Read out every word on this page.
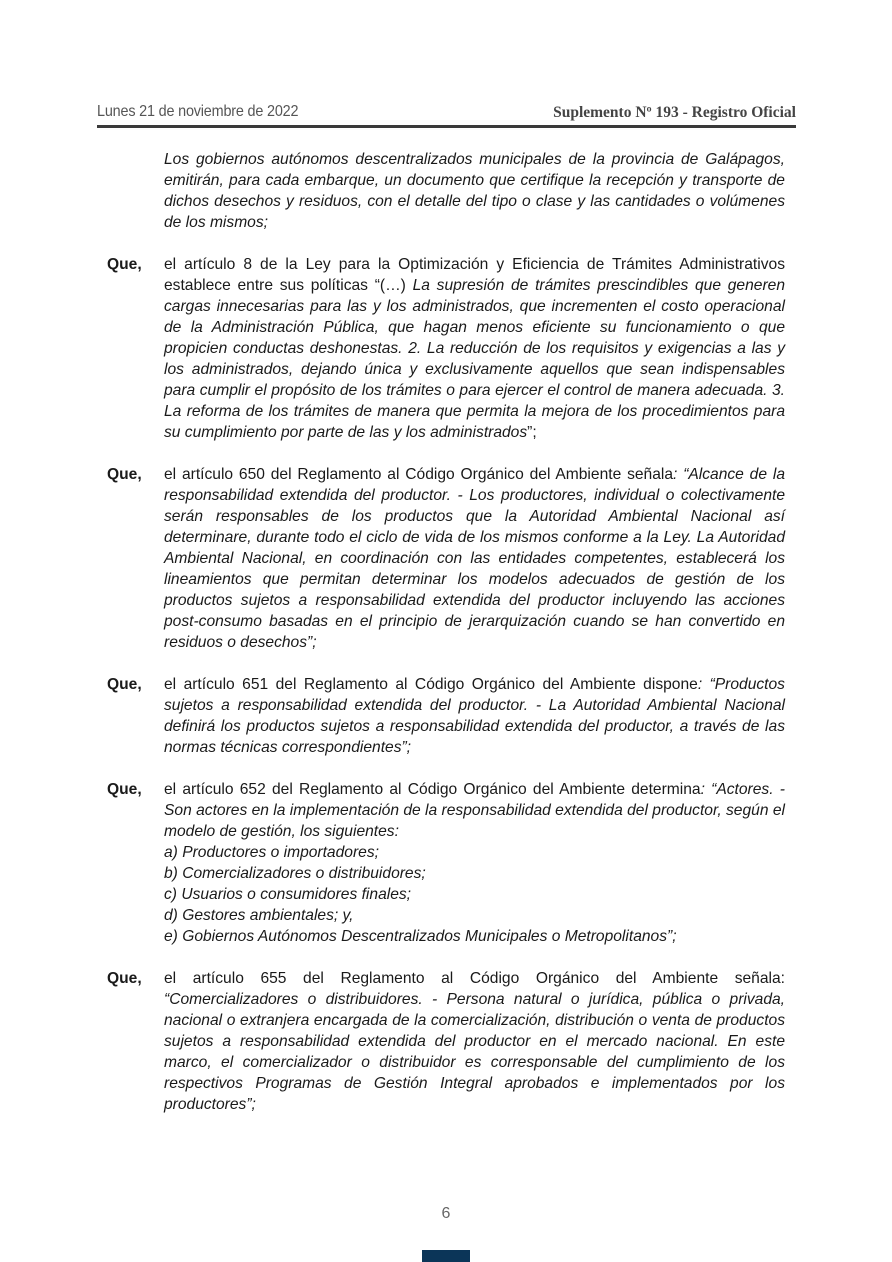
Lunes 21 de noviembre de 2022	Suplemento Nº 193 - Registro Oficial
Los gobiernos autónomos descentralizados municipales de la provincia de Galápagos, emitirán, para cada embarque, un documento que certifique la recepción y transporte de dichos desechos y residuos, con el detalle del tipo o clase y las cantidades o volúmenes de los mismos;
Que, el artículo 8 de la Ley para la Optimización y Eficiencia de Trámites Administrativos establece entre sus políticas “(…) La supresión de trámites prescindibles que generen cargas innecesarias para las y los administrados, que incrementen el costo operacional de la Administración Pública, que hagan menos eficiente su funcionamiento o que propicien conductas deshonestas. 2. La reducción de los requisitos y exigencias a las y los administrados, dejando única y exclusivamente aquellos que sean indispensables para cumplir el propósito de los trámites o para ejercer el control de manera adecuada. 3. La reforma de los trámites de manera que permita la mejora de los procedimientos para su cumplimiento por parte de las y los administrados”;
Que, el artículo 650 del Reglamento al Código Orgánico del Ambiente señala: “Alcance de la responsabilidad extendida del productor. - Los productores, individual o colectivamente serán responsables de los productos que la Autoridad Ambiental Nacional así determinare, durante todo el ciclo de vida de los mismos conforme a la Ley. La Autoridad Ambiental Nacional, en coordinación con las entidades competentes, establecerá los lineamientos que permitan determinar los modelos adecuados de gestión de los productos sujetos a responsabilidad extendida del productor incluyendo las acciones post-consumo basadas en el principio de jerarquización cuando se han convertido en residuos o desechos”;
Que, el artículo 651 del Reglamento al Código Orgánico del Ambiente dispone: “Productos sujetos a responsabilidad extendida del productor. - La Autoridad Ambiental Nacional definirá los productos sujetos a responsabilidad extendida del productor, a través de las normas técnicas correspondientes”;
Que, el artículo 652 del Reglamento al Código Orgánico del Ambiente determina: “Actores. - Son actores en la implementación de la responsabilidad extendida del productor, según el modelo de gestión, los siguientes:
a) Productores o importadores;
b) Comercializadores o distribuidores;
c) Usuarios o consumidores finales;
d) Gestores ambientales; y,
e) Gobiernos Autónomos Descentralizados Municipales o Metropolitanos”;
Que, el artículo 655 del Reglamento al Código Orgánico del Ambiente señala: “Comercializadores o distribuidores. - Persona natural o jurídica, pública o privada, nacional o extranjera encargada de la comercialización, distribución o venta de productos sujetos a responsabilidad extendida del productor en el mercado nacional. En este marco, el comercializador o distribuidor es corresponsable del cumplimiento de los respectivos Programas de Gestión Integral aprobados e implementados por los productores”;
6
